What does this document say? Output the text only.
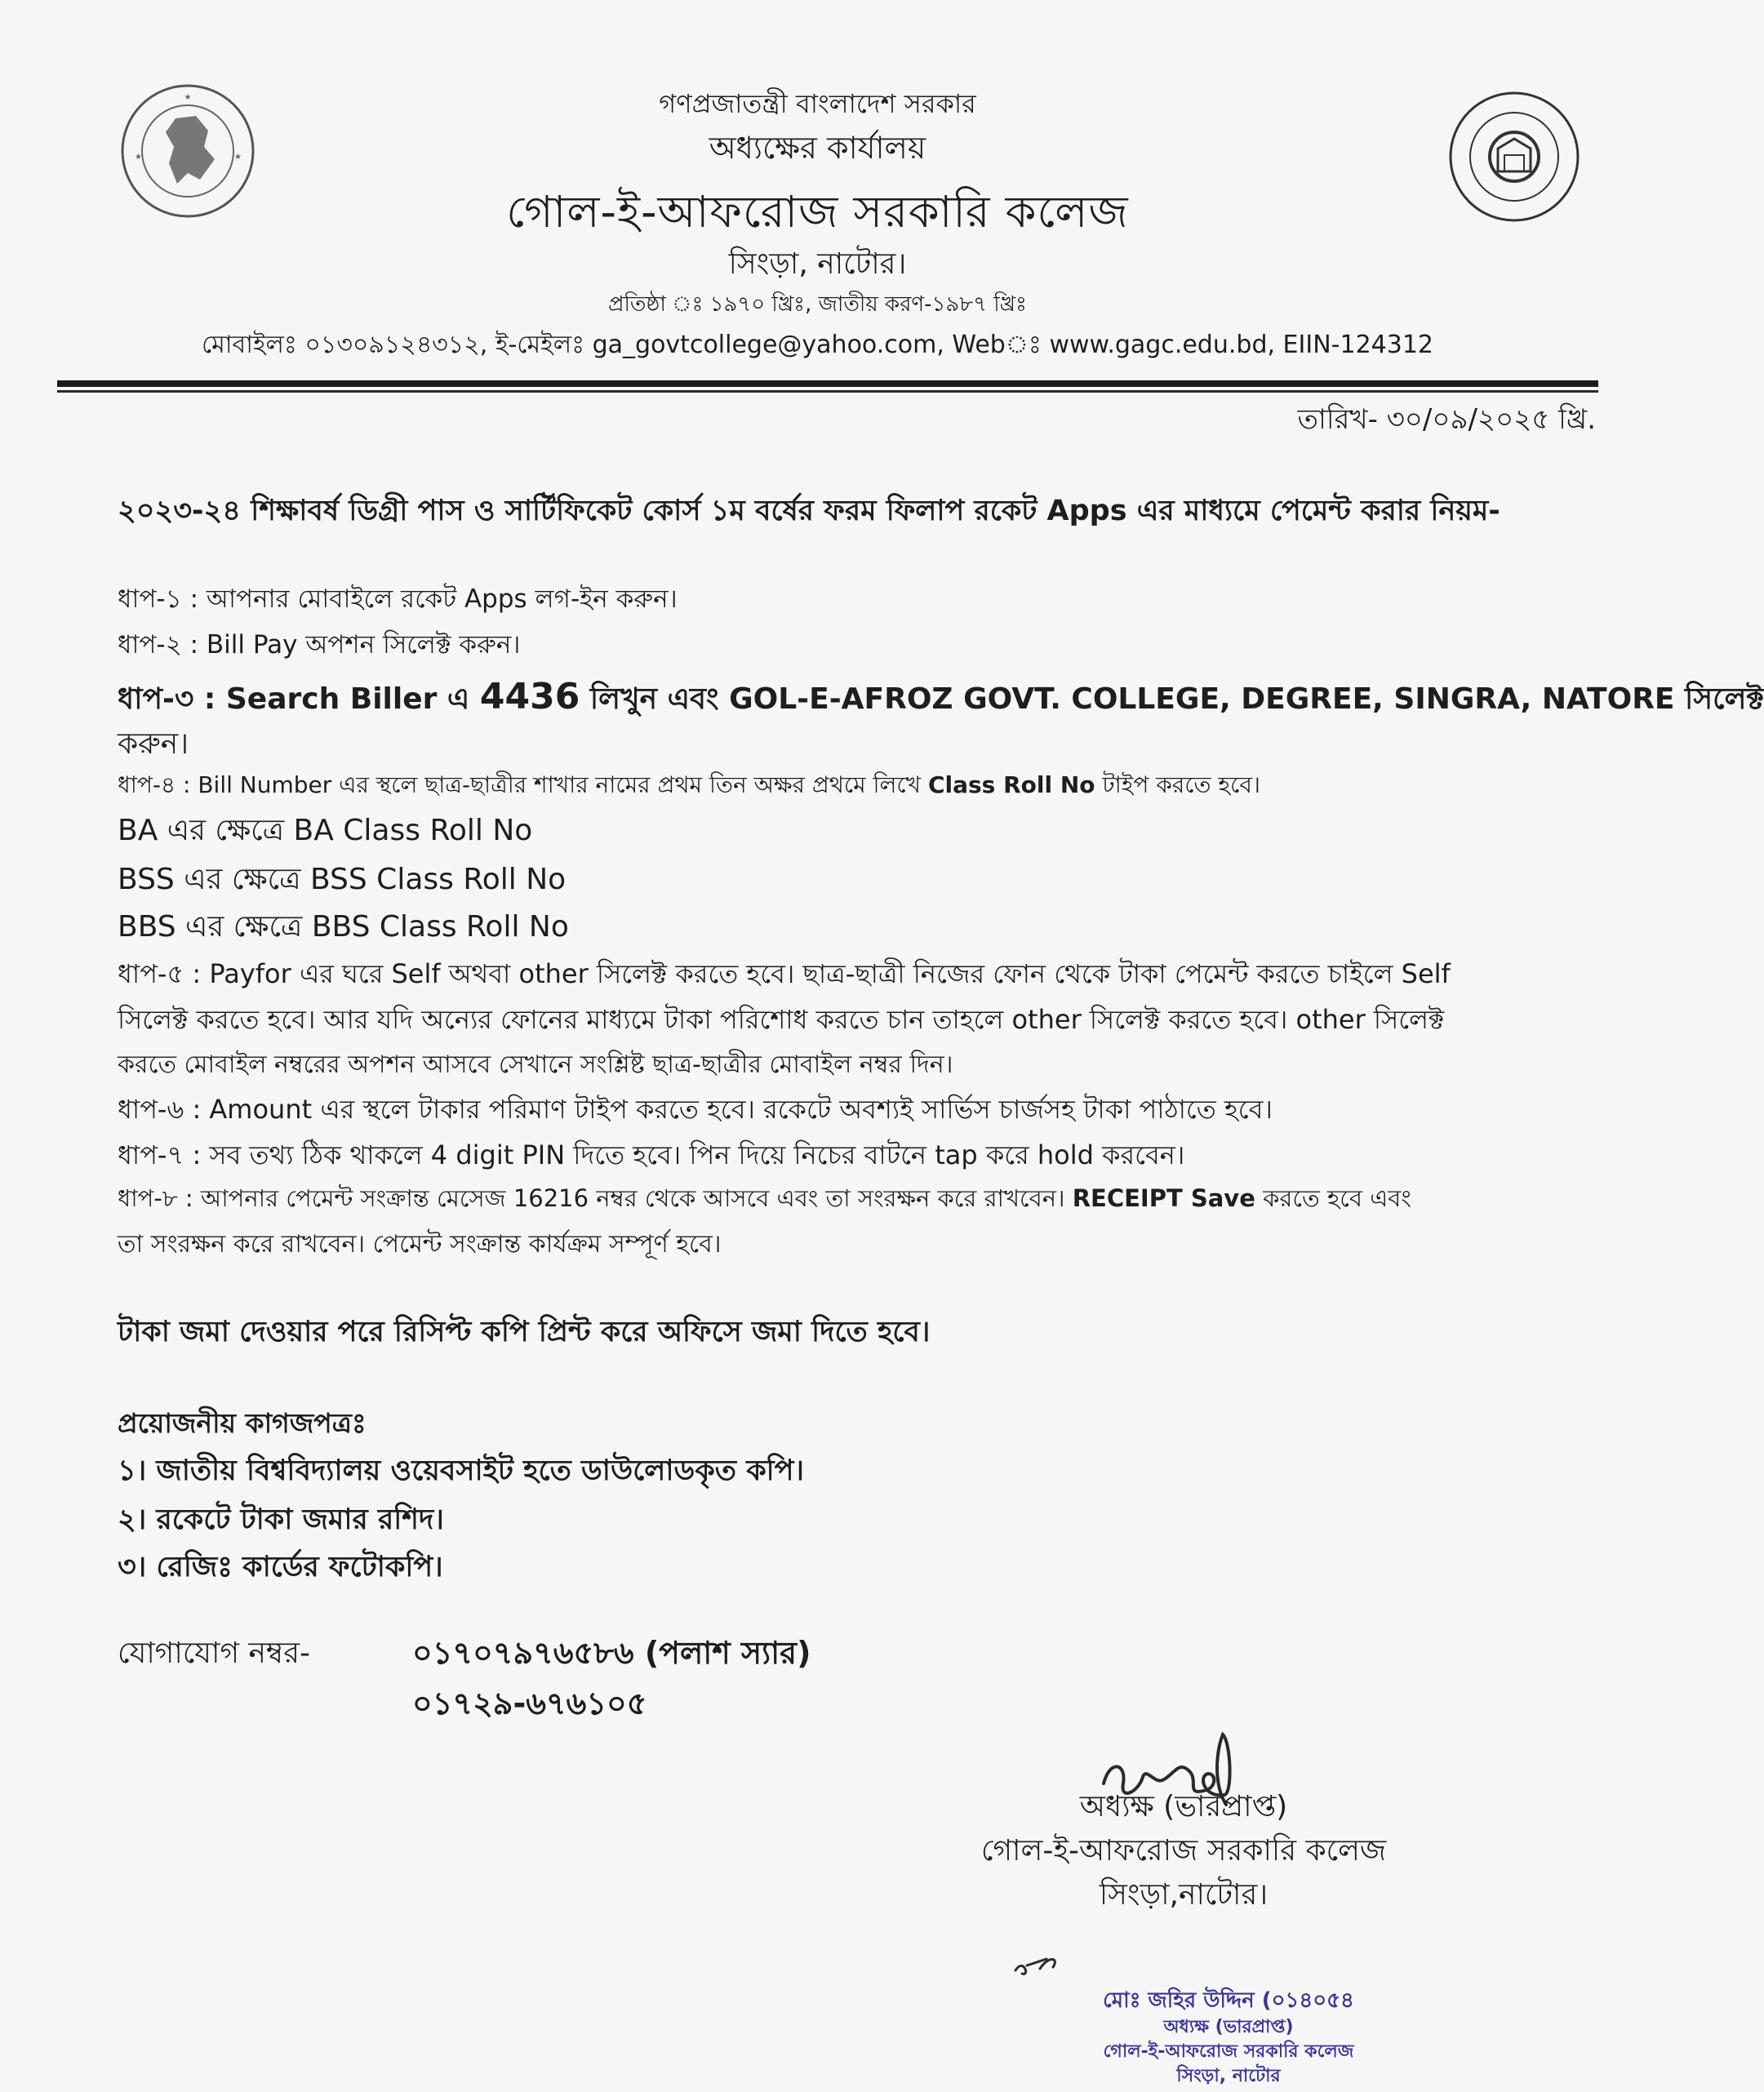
★
★	★
গণপ্রজাতন্ত্রী বাংলাদেশ সরকার
অধ্যক্ষের কার্যালয়
গোল-ই-আফরোজ সরকারি কলেজ
সিংড়া, নাটোর।
প্রতিষ্ঠা ঃ ১৯৭০ খ্রিঃ, জাতীয় করণ-১৯৮৭ খ্রিঃ
মোবাইলঃ ০১৩০৯১২৪৩১২, ই-মেইলঃ ga_govtcollege@yahoo.com, Webঃ www.gagc.edu.bd, EIIN-124312
তারিখ- ৩০/০৯/২০২৫ খ্রি.
২০২৩-২৪ শিক্ষাবর্ষ ডিগ্রী পাস ও সার্টিফিকেট কোর্স ১ম বর্ষের ফরম ফিলাপ রকেট Apps এর মাধ্যমে পেমেন্ট করার নিয়ম-
ধাপ-১ : আপনার মোবাইলে রকেট Apps লগ-ইন করুন।
ধাপ-২ : Bill Pay অপশন সিলেক্ট করুন।
ধাপ-৩ : Search Biller এ 4436 লিখুন এবং GOL-E-AFROZ GOVT. COLLEGE, DEGREE, SINGRA, NATORE সিলেক্ট
করুন।
ধাপ-৪ : Bill Number এর স্থলে ছাত্র-ছাত্রীর শাখার নামের প্রথম তিন অক্ষর প্রথমে লিখে Class Roll No টাইপ করতে হবে।
BA এর ক্ষেত্রে BA Class Roll No
BSS এর ক্ষেত্রে BSS Class Roll No
BBS এর ক্ষেত্রে BBS Class Roll No
ধাপ-৫ : Payfor এর ঘরে Self অথবা other সিলেক্ট করতে হবে। ছাত্র-ছাত্রী নিজের ফোন থেকে টাকা পেমেন্ট করতে চাইলে Self
সিলেক্ট করতে হবে। আর যদি অন্যের ফোনের মাধ্যমে টাকা পরিশোধ করতে চান তাহলে other সিলেক্ট করতে হবে। other সিলেক্ট
করতে মোবাইল নম্বরের অপশন আসবে সেখানে সংশ্লিষ্ট ছাত্র-ছাত্রীর মোবাইল নম্বর দিন।
ধাপ-৬ : Amount এর স্থলে টাকার পরিমাণ টাইপ করতে হবে। রকেটে অবশ্যই সার্ভিস চার্জসহ টাকা পাঠাতে হবে।
ধাপ-৭ : সব তথ্য ঠিক থাকলে 4 digit PIN দিতে হবে। পিন দিয়ে নিচের বাটনে tap করে hold করবেন।
ধাপ-৮ : আপনার পেমেন্ট সংক্রান্ত মেসেজ 16216 নম্বর থেকে আসবে এবং তা সংরক্ষন করে রাখবেন। RECEIPT Save করতে হবে এবং
তা সংরক্ষন করে রাখবেন। পেমেন্ট সংক্রান্ত কার্যক্রম সম্পূর্ণ হবে।
টাকা জমা দেওয়ার পরে রিসিপ্ট কপি প্রিন্ট করে অফিসে জমা দিতে হবে।
প্রয়োজনীয় কাগজপত্রঃ
১। জাতীয় বিশ্ববিদ্যালয় ওয়েবসাইট হতে ডাউলোডকৃত কপি।
২। রকেটে টাকা জমার রশিদ।
৩। রেজিঃ কার্ডের ফটোকপি।
যোগাযোগ নম্বর-	০১৭০৭৯৭৬৫৮৬ (পলাশ স্যার)
০১৭২৯-৬৭৬১০৫
অধ্যক্ষ (ভারপ্রাপ্ত)
গোল-ই-আফরোজ সরকারি কলেজ
সিংড়া,নাটোর।
মোঃ জহির উদ্দিন (০১৪০৫৪
অধ্যক্ষ (ভারপ্রাপ্ত)
গোল-ই-আফরোজ সরকারি কলেজ
সিংড়া, নাটোর
